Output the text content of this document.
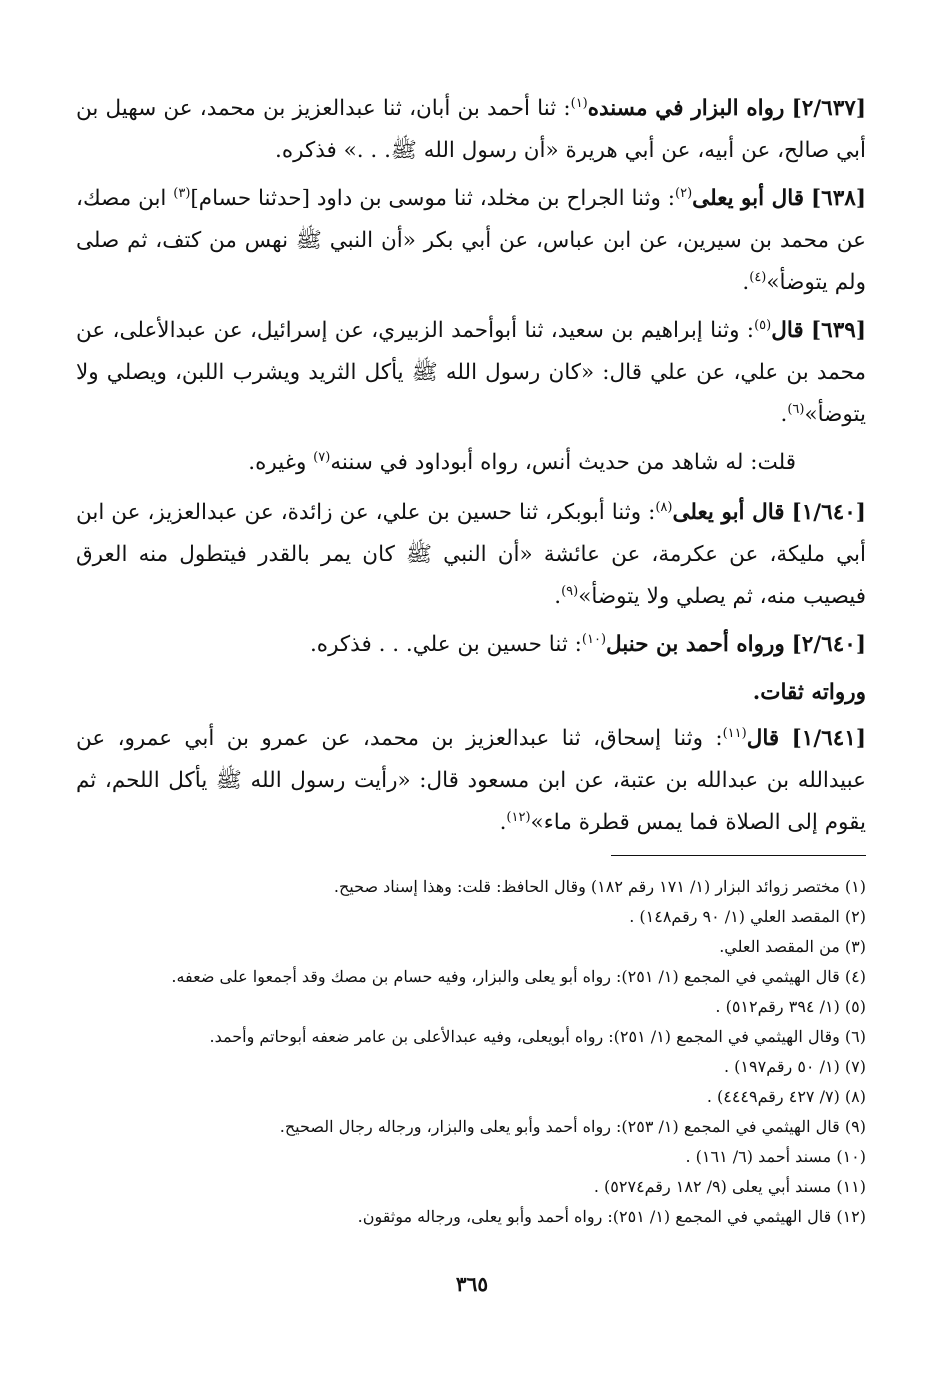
[٢/٦٣٧] رواه البزار في مسنده$^{(١)}$: ثنا أحمد بن أبان، ثنا عبدالعزيز بن محمد، عن سهيل بن أبي صالح، عن أبيه، عن أبي هريرة «أن رسول الله ﷺ. . .» فذكره.

[٦٣٨] قال أبو يعلى$^{(٢)}$: وثنا الجراح بن مخلد، ثنا موسى بن داود [حدثنا حسام]$^{(٣)}$ ابن مصك، عن محمد بن سيرين، عن ابن عباس، عن أبي بكر «أن النبي ﷺ نهس من كتف، ثم صلى ولم يتوضأ»$^{(٤)}$.

[٦٣٩] قال$^{(٥)}$: وثنا إبراهيم بن سعيد، ثنا أبوأحمد الزبيري، عن إسرائيل، عن عبدالأعلى، عن محمد بن علي، عن علي قال: «كان رسول الله ﷺ يأكل الثريد ويشرب اللبن، ويصلي ولا يتوضأ»$^{(٦)}$.

قلت: له شاهد من حديث أنس، رواه أبوداود في سننه$^{(٧)}$ وغيره.

[١/٦٤٠] قال أبو يعلى$^{(٨)}$: وثنا أبوبكر، ثنا حسين بن علي، عن زائدة، عن عبدالعزيز، عن ابن أبي مليكة، عن عكرمة، عن عائشة «أن النبي ﷺ كان يمر بالقدر فيتطول منه العرق فيصيب منه، ثم يصلي ولا يتوضأ»$^{(٩)}$.

[٢/٦٤٠] ورواه أحمد بن حنبل$^{(١٠)}$: ثنا حسين بن علي. . . فذكره.

ورواته ثقات.

[١/٦٤١] قال$^{(١١)}$: وثنا إسحاق، ثنا عبدالعزيز بن محمد، عن عمرو بن أبي عمرو، عن عبيدالله بن عبدالله بن عتبة، عن ابن مسعود قال: «رأيت رسول الله ﷺ يأكل اللحم، ثم يقوم إلى الصلاة فما يمس قطرة ماء»$^{(١٢)}$.

(١) مختصر زوائد البزار (١/ ١٧١ رقم ١٨٢) وقال الحافظ: قلت: وهذا إسناد صحيح.
(٢) المقصد العلي (١/ ٩٠ رقم١٤٨) .
(٣) من المقصد العلي.
(٤) قال الهيثمي في المجمع (١/ ٢٥١): رواه أبو يعلى والبزار، وفيه حسام بن مصك وقد أجمعوا على ضعفه.
(٥) (١/ ٣٩٤ رقم٥١٢) .
(٦) وقال الهيثمي في المجمع (١/ ٢٥١): رواه أبويعلى، وفيه عبدالأعلى بن عامر ضعفه أبوحاتم وأحمد.
(٧) (١/ ٥٠ رقم١٩٧) .
(٨) (٧/ ٤٢٧ رقم٤٤٤٩) .
(٩) قال الهيثمي في المجمع (١/ ٢٥٣): رواه أحمد وأبو يعلى والبزار، ورجاله رجال الصحيح.
(١٠) مسند أحمد (٦/ ١٦١) .
(١١) مسند أبي يعلى (٩/ ١٨٢ رقم٥٢٧٤) .
(١٢) قال الهيثمي في المجمع (١/ ٢٥١): رواه أحمد وأبو يعلى، ورجاله موثقون.
٣٦٥
